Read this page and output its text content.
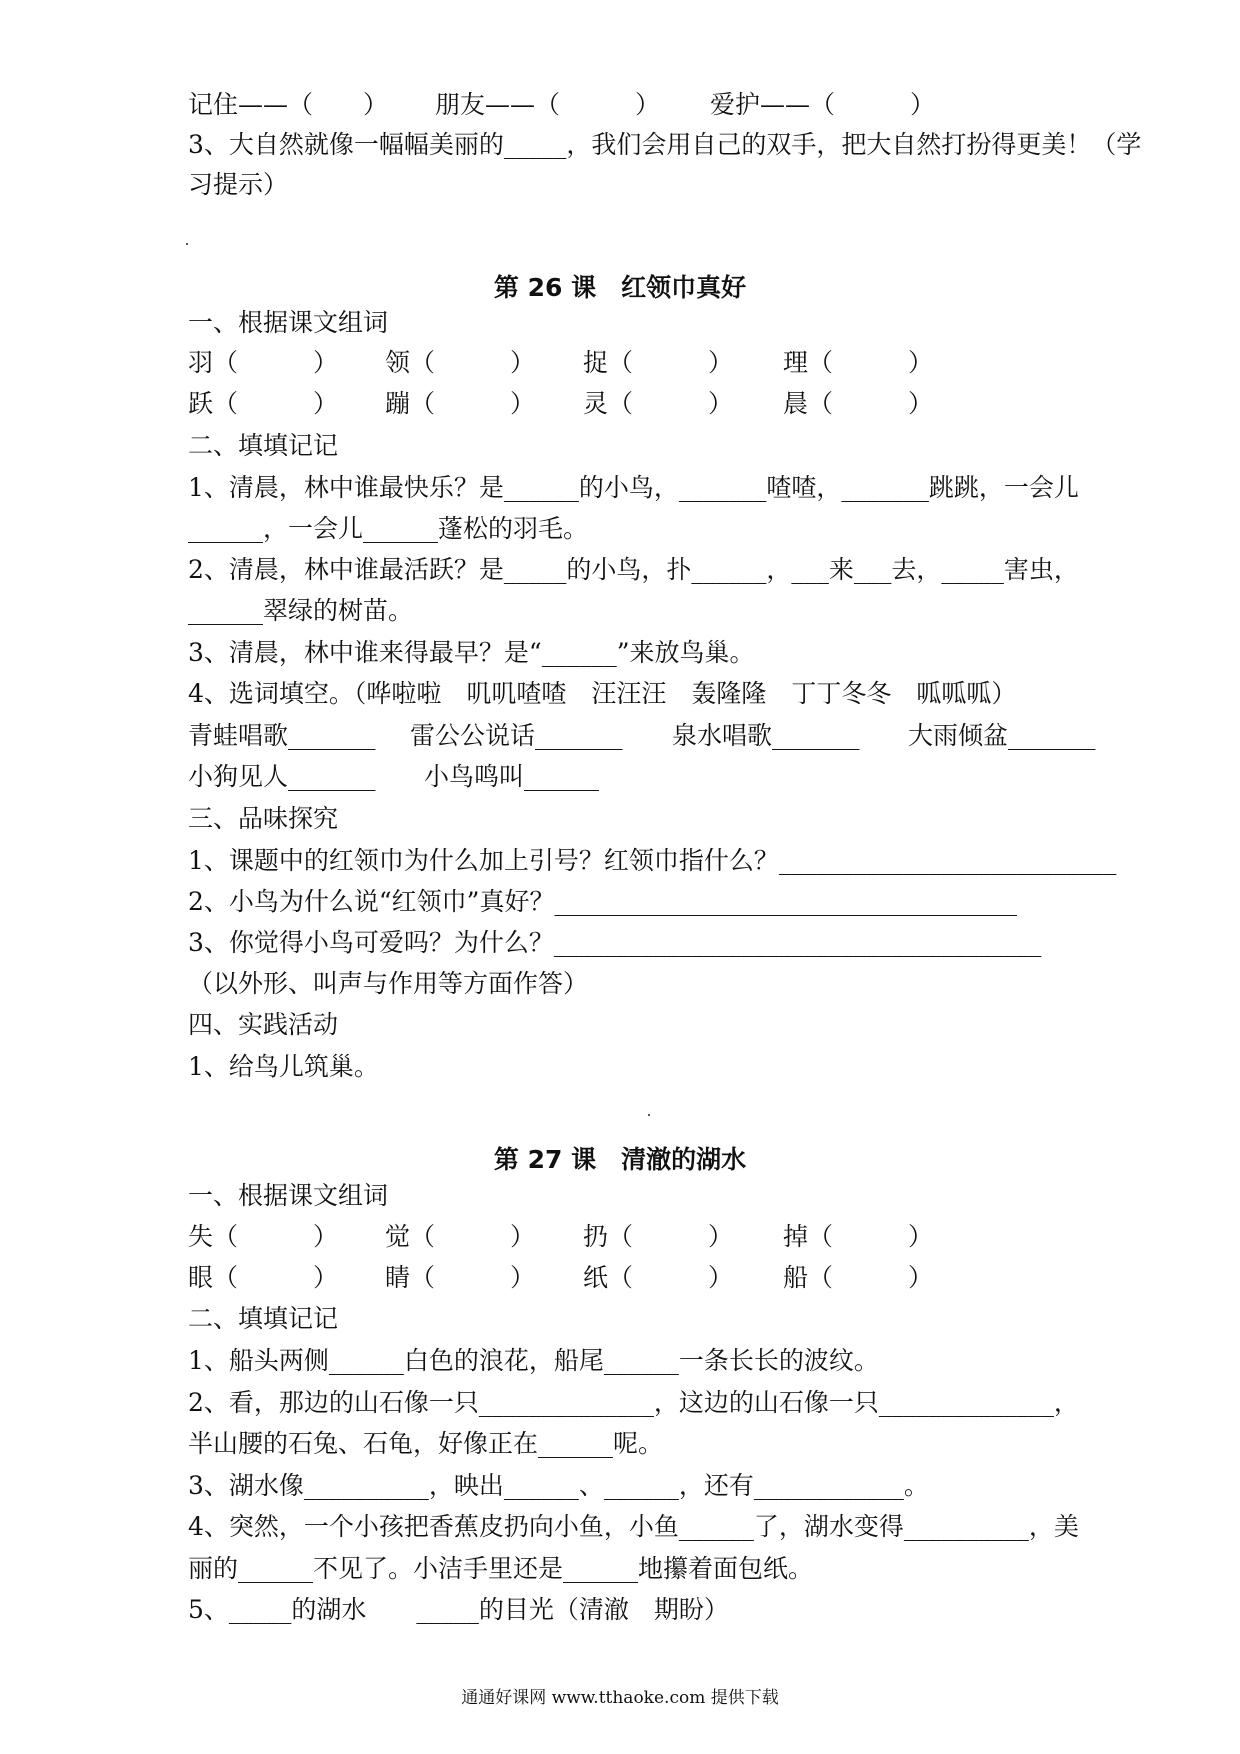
记住——（　　） 朋友——（　　　） 爱护——（　　　）
3、大自然就像一幅幅美丽的_____，我们会用自己的双手，把大自然打扮得更美！（学
习提示）
第 26 课　红领巾真好
一、根据课文组词
羽（　　　） 领（　　　） 捉（　　　） 理（　　　）
跃（　　　） 蹦（　　　） 灵（　　　） 晨（　　　）
二、填填记记
1、清晨，林中谁最快乐？是______的小鸟，_______喳喳，_______跳跳，一会儿
______，一会儿______蓬松的羽毛。
2、清晨，林中谁最活跃？是_____的小鸟，扑______，___来___去，_____害虫，
______翠绿的树苗。
3、清晨，林中谁来得最早？是“______”来放鸟巢。
4、选词填空。（哗啦啦　叽叽喳喳　汪汪汪　轰隆隆　丁丁冬冬　呱呱呱）
青蛙唱歌_______ 雷公公说话_______ 泉水唱歌_______ 大雨倾盆_______
小狗见人_______ 小鸟鸣叫______
三、品味探究
1、课题中的红领巾为什么加上引号？红领巾指什么？___________________________
2、小鸟为什么说“红领巾”真好？_____________________________________
3、你觉得小鸟可爱吗？为什么？_______________________________________
（以外形、叫声与作用等方面作答）
四、实践活动
1、给鸟儿筑巢。
第 27 课　清澈的湖水
一、根据课文组词
失（　　　） 觉（　　　） 扔（　　　） 掉（　　　）
眼（　　　） 睛（　　　） 纸（　　　） 船（　　　）
二、填填记记
1、船头两侧______白色的浪花，船尾______一条长长的波纹。
2、看，那边的山石像一只______________，这边的山石像一只______________，
半山腰的石兔、石龟，好像正在______呢。
3、湖水像__________，映出______、______，还有____________。
4、突然，一个小孩把香蕉皮扔向小鱼，小鱼______了，湖水变得__________，美
丽的______不见了。小洁手里还是______地攥着面包纸。
5、_____的湖水　　_____的目光（清澈　期盼）
通通好课网 www.tthaoke.com 提供下载
